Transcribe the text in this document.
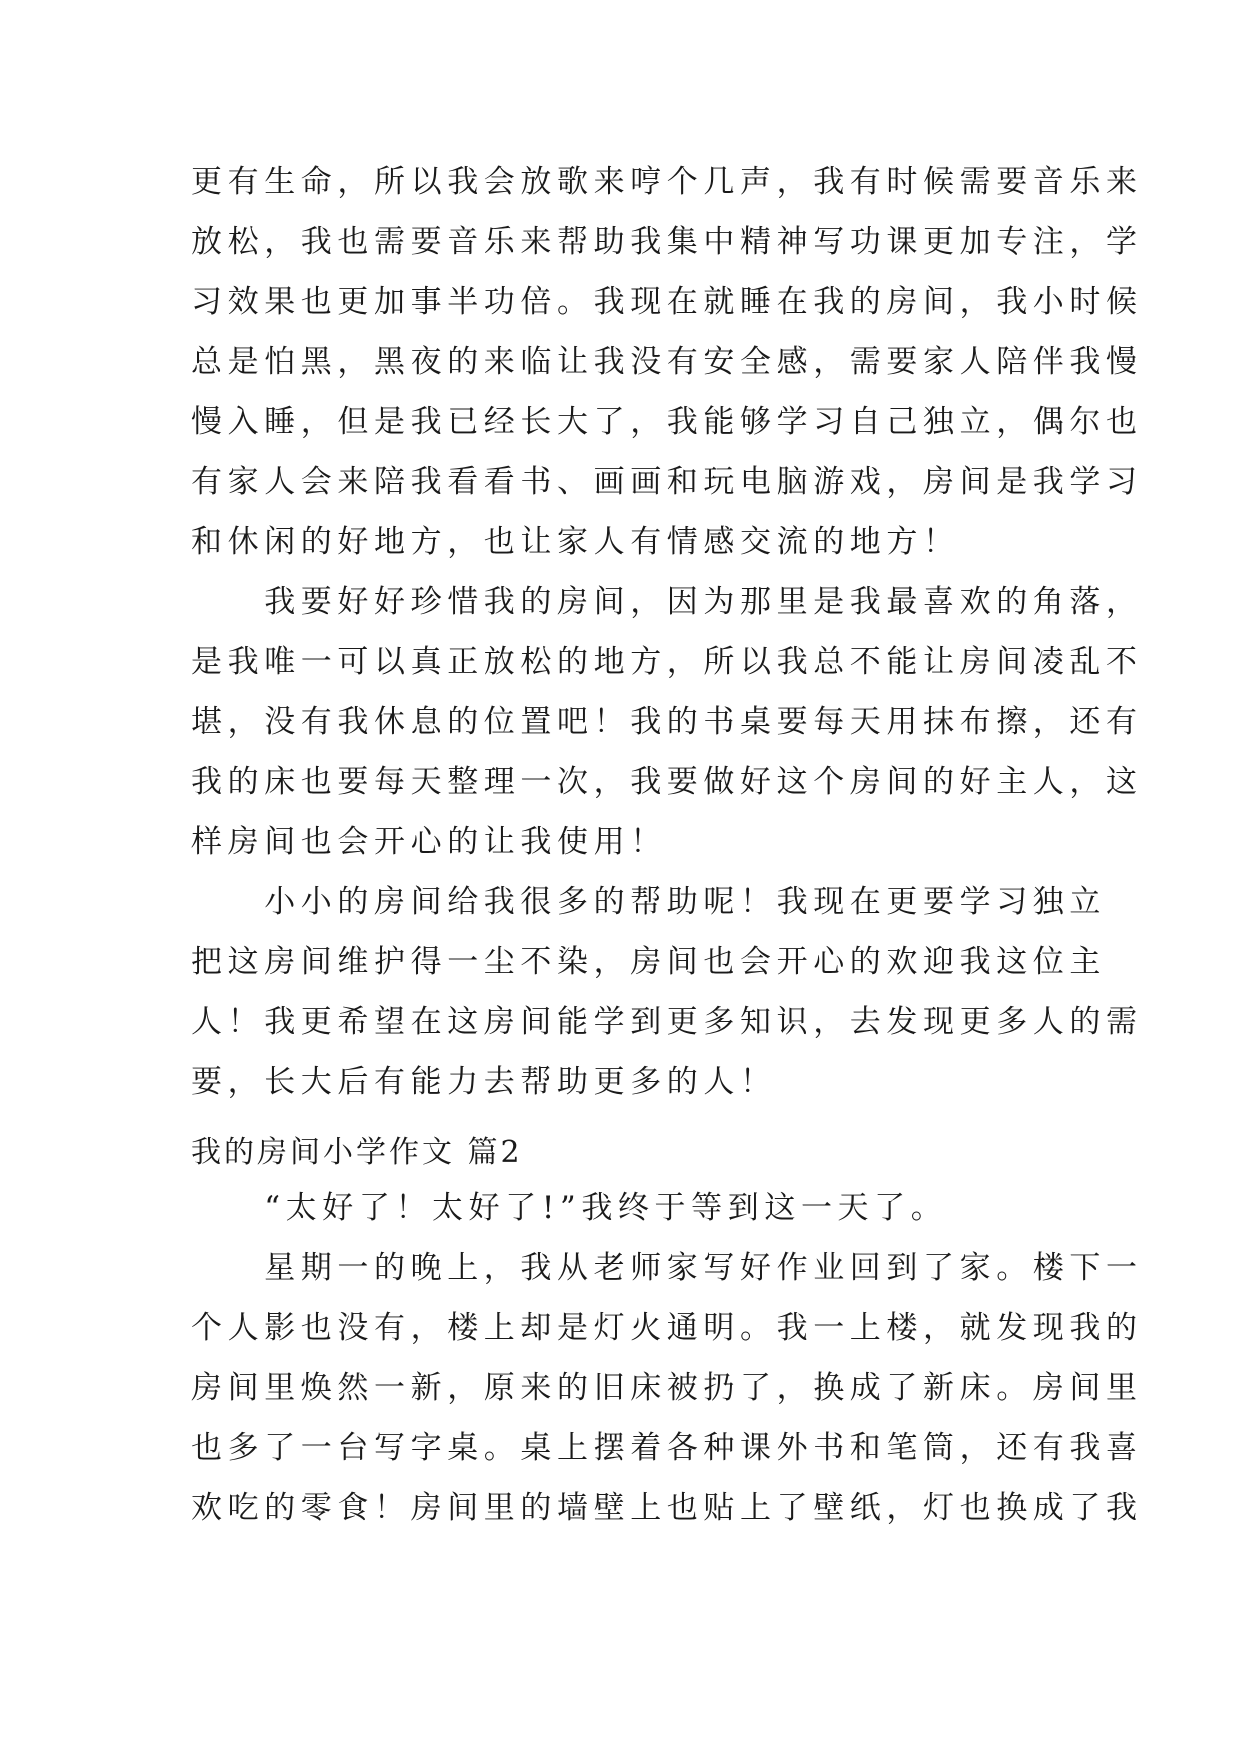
更有生命，所以我会放歌来哼个几声，我有时候需要音乐来
放松，我也需要音乐来帮助我集中精神写功课更加专注，学
习效果也更加事半功倍。我现在就睡在我的房间，我小时候
总是怕黑，黑夜的来临让我没有安全感，需要家人陪伴我慢
慢入睡，但是我已经长大了，我能够学习自己独立，偶尔也
有家人会来陪我看看书、画画和玩电脑游戏，房间是我学习
和休闲的好地方，也让家人有情感交流的地方！
　　我要好好珍惜我的房间，因为那里是我最喜欢的角落，
是我唯一可以真正放松的地方，所以我总不能让房间凌乱不
堪，没有我休息的位置吧！我的书桌要每天用抹布擦，还有
我的床也要每天整理一次，我要做好这个房间的好主人，这
样房间也会开心的让我使用！
　　小小的房间给我很多的帮助呢！我现在更要学习独立
把这房间维护得一尘不染，房间也会开心的欢迎我这位主
人！我更希望在这房间能学到更多知识，去发现更多人的需
要，长大后有能力去帮助更多的人！
我的房间小学作文 篇2
　　“太好了！太好了!”我终于等到这一天了。
　　星期一的晚上，我从老师家写好作业回到了家。楼下一
个人影也没有，楼上却是灯火通明。我一上楼，就发现我的
房间里焕然一新，原来的旧床被扔了，换成了新床。房间里
也多了一台写字桌。桌上摆着各种课外书和笔筒，还有我喜
欢吃的零食！房间里的墙壁上也贴上了壁纸，灯也换成了我
